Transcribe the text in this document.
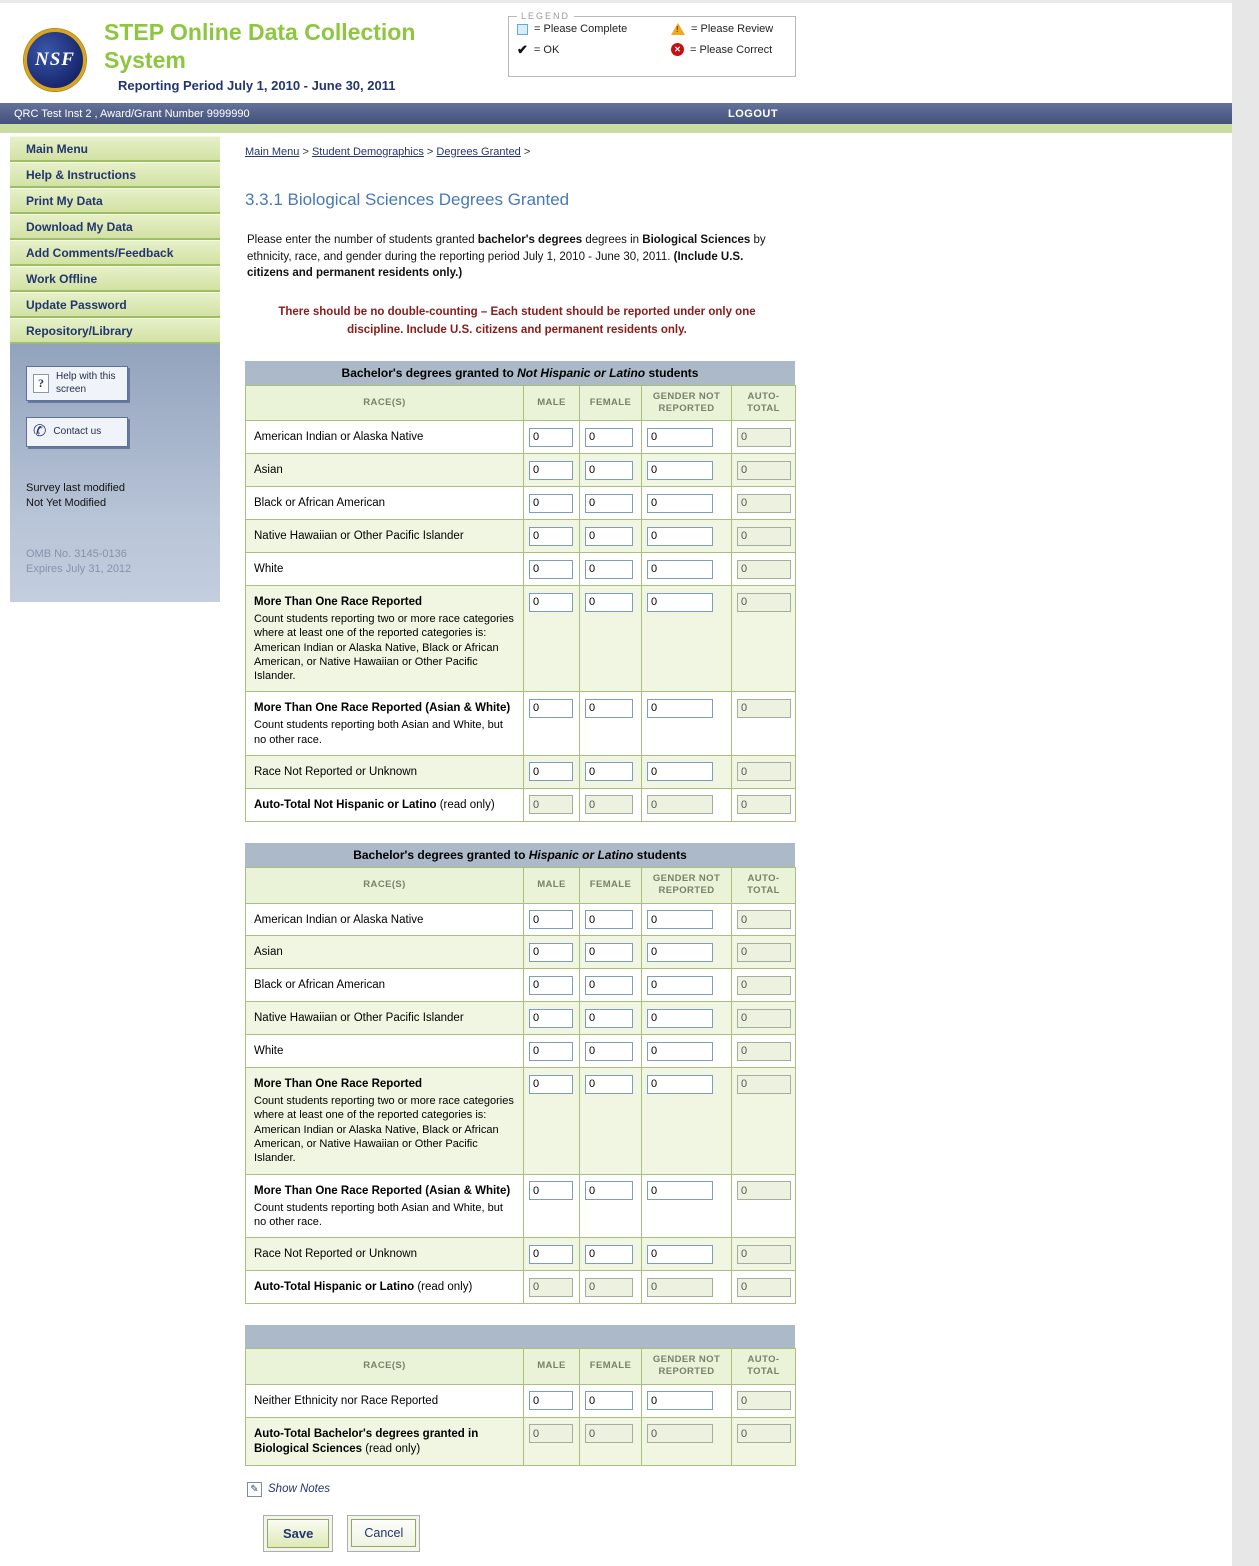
NSF
STEP Online Data Collection System
Reporting Period July 1, 2010 - June 30, 2011
LEGEND
= Please Complete !	= Please Review
✔ = OK	✕ = Please Correct
QRC Test Inst 2 , Award/Grant Number 9999990	LOGOUT
Main Menu
Help & Instructions
Print My Data
Download My Data
Add Comments/Feedback
Work Offline
Update Password
Repository/Library
?
Help with this screen
✆
Contact us
Survey last modified
Not Yet Modified
OMB No. 3145-0136
Expires July 31, 2012
Main Menu > Student Demographics > Degrees Granted >
3.3.1 Biological Sciences Degrees Granted

Please enter the number of students granted bachelor's degrees degrees in Biological Sciences by ethnicity, race, and gender during the reporting period July 1, 2010 - June 30, 2011. (Include U.S. citizens and permanent residents only.)

There should be no double-counting – Each student should be reported under only one discipline. Include U.S. citizens and permanent residents only.
Bachelor's degrees granted to Not Hispanic or Latino students
RACE(S)	MALE	FEMALE	GENDER NOT REPORTED	AUTO-TOTAL
American Indian or Alaska Native	0	0	0	0
Asian	0	0	0	0
Black or African American	0	0	0	0
Native Hawaiian or Other Pacific Islander	0	0	0	0
White	0	0	0	0
More Than One Race Reported
Count students reporting two or more race categories where at least one of the reported categories is: American Indian or Alaska Native, Black or African American, or Native Hawaiian or Other Pacific Islander.
	0	0	0	0
More Than One Race Reported (Asian & White)
Count students reporting both Asian and White, but no other race.
	0	0	0	0
Race Not Reported or Unknown	0	0	0	0
Auto-Total Not Hispanic or Latino (read only)	0	0	0	0
Bachelor's degrees granted to Hispanic or Latino students
RACE(S)	MALE	FEMALE	GENDER NOT REPORTED	AUTO-TOTAL
American Indian or Alaska Native	0	0	0	0
Asian	0	0	0	0
Black or African American	0	0	0	0
Native Hawaiian or Other Pacific Islander	0	0	0	0
White	0	0	0	0
More Than One Race Reported
Count students reporting two or more race categories where at least one of the reported categories is: American Indian or Alaska Native, Black or African American, or Native Hawaiian or Other Pacific Islander.
	0	0	0	0
More Than One Race Reported (Asian & White)
Count students reporting both Asian and White, but no other race.
	0	0	0	0
Race Not Reported or Unknown	0	0	0	0
Auto-Total Hispanic or Latino (read only)	0	0	0	0
RACE(S)	MALE	FEMALE	GENDER NOT REPORTED	AUTO-TOTAL
Neither Ethnicity nor Race Reported	0	0	0	0
Auto-Total Bachelor's degrees granted in Biological Sciences (read only)	0	0	0	0
✎
Show Notes
Save	Cancel
